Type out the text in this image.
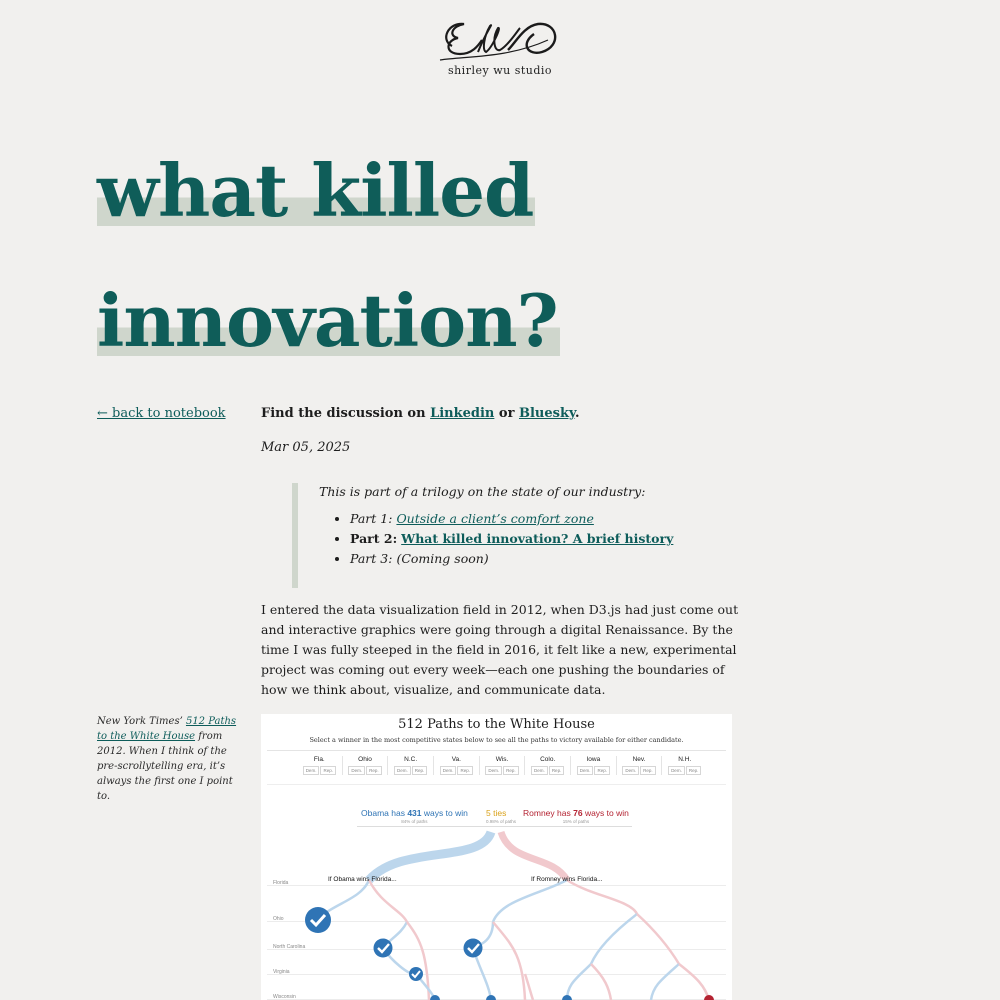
shirley wu studio
what killed
innovation?
← back to notebook	Find the discussion on Linkedin or Bluesky.
Mar 05, 2025
This is part of a trilogy on the state of our industry:
• Part 1: Outside a client’s comfort zone
• Part 2: What killed innovation? A brief history
• Part 3: (Coming soon)

I entered the data visualization field in 2012, when D3.js had just come out and interactive graphics were going through a digital Renaissance. By the time I was fully steeped in the field in 2016, it felt like a new, experimental project was coming out every week—each one pushing the boundaries of how we think about, visualize, and communicate data.

New York Times’ 512 Paths to the White House from 2012. When I think of the pre-scrollytelling era, it’s always the first one I point to.
512 Paths to the White House
Select a winner in the most competitive states below to see all the paths to victory available for either candidate.
Fla.
Dem.	Rep.
Ohio
Dem.	Rep.
N.C.
Dem.	Rep.
Va.
Dem.	Rep.
Wis.
Dem.	Rep.
Colo.
Dem.	Rep.
Iowa
Dem.	Rep.
Nev.
Dem.	Rep.
N.H.
Dem.	Rep.
Obama has 431 ways to win
84% of paths
5 ties
0.98% of paths
Romney has 76 ways to win
15% of paths
Florida
Ohio
North Carolina
Virginia
Wisconsin
If Obama wins Florida...	If Romney wins Florida...
